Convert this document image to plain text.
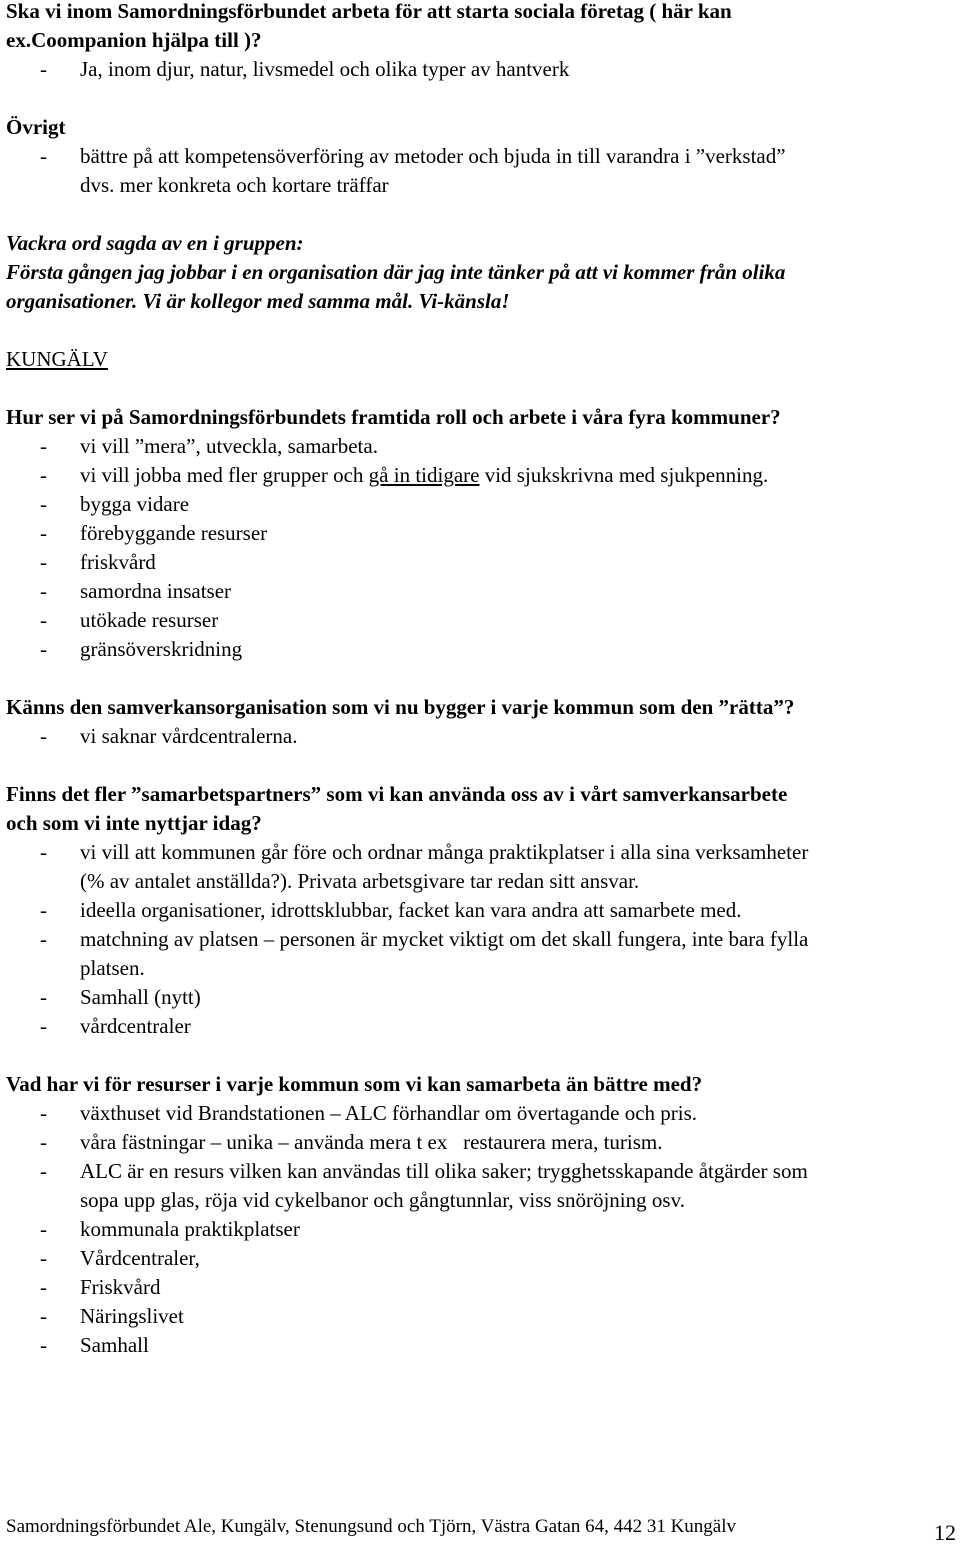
Ska vi inom Samordningsförbundet arbeta för att starta sociala företag ( här kan
ex.Coompanion hjälpa till )?

- Ja, inom djur, natur, livsmedel och olika typer av hantverk

Övrigt

- bättre på att kompetensöverföring av metoder och bjuda in till varandra i ”verkstad”
dvs. mer konkreta och kortare träffar

Vackra ord sagda av en i gruppen:

Första gången jag jobbar i en organisation där jag inte tänker på att vi kommer från olika
organisationer. Vi är kollegor med samma mål. Vi-känsla!

KUNGÄLV

Hur ser vi på Samordningsförbundets framtida roll och arbete i våra fyra kommuner?

- vi vill ”mera”, utveckla, samarbeta.

- vi vill jobba med fler grupper och gå in tidigare vid sjukskrivna med sjukpenning.

- bygga vidare

- förebyggande resurser

- friskvård

- samordna insatser

- utökade resurser

- gränsöverskridning

Känns den samverkansorganisation som vi nu bygger i varje kommun som den ”rätta”?

- vi saknar vårdcentralerna.

Finns det fler ”samarbetspartners” som vi kan använda oss av i vårt samverkansarbete
och som vi inte nyttjar idag?

- vi vill att kommunen går före och ordnar många praktikplatser i alla sina verksamheter
(% av antalet anställda?). Privata arbetsgivare tar redan sitt ansvar.

- ideella organisationer, idrottsklubbar, facket kan vara andra att samarbete med.

- matchning av platsen – personen är mycket viktigt om det skall fungera, inte bara fylla
platsen.

- Samhall (nytt)

- vårdcentraler

Vad har vi för resurser i varje kommun som vi kan samarbeta än bättre med?

- växthuset vid Brandstationen – ALC förhandlar om övertagande och pris.

- våra fästningar – unika – använda mera t ex   restaurera mera, turism.

- ALC är en resurs vilken kan användas till olika saker; trygghetsskapande åtgärder som
sopa upp glas, röja vid cykelbanor och gångtunnlar, viss snöröjning osv.

- kommunala praktikplatser

- Vårdcentraler,

- Friskvård

- Näringslivet

- Samhall

Samordningsförbundet Ale, Kungälv, Stenungsund och Tjörn, Västra Gatan 64, 442 31 Kungälv	12
